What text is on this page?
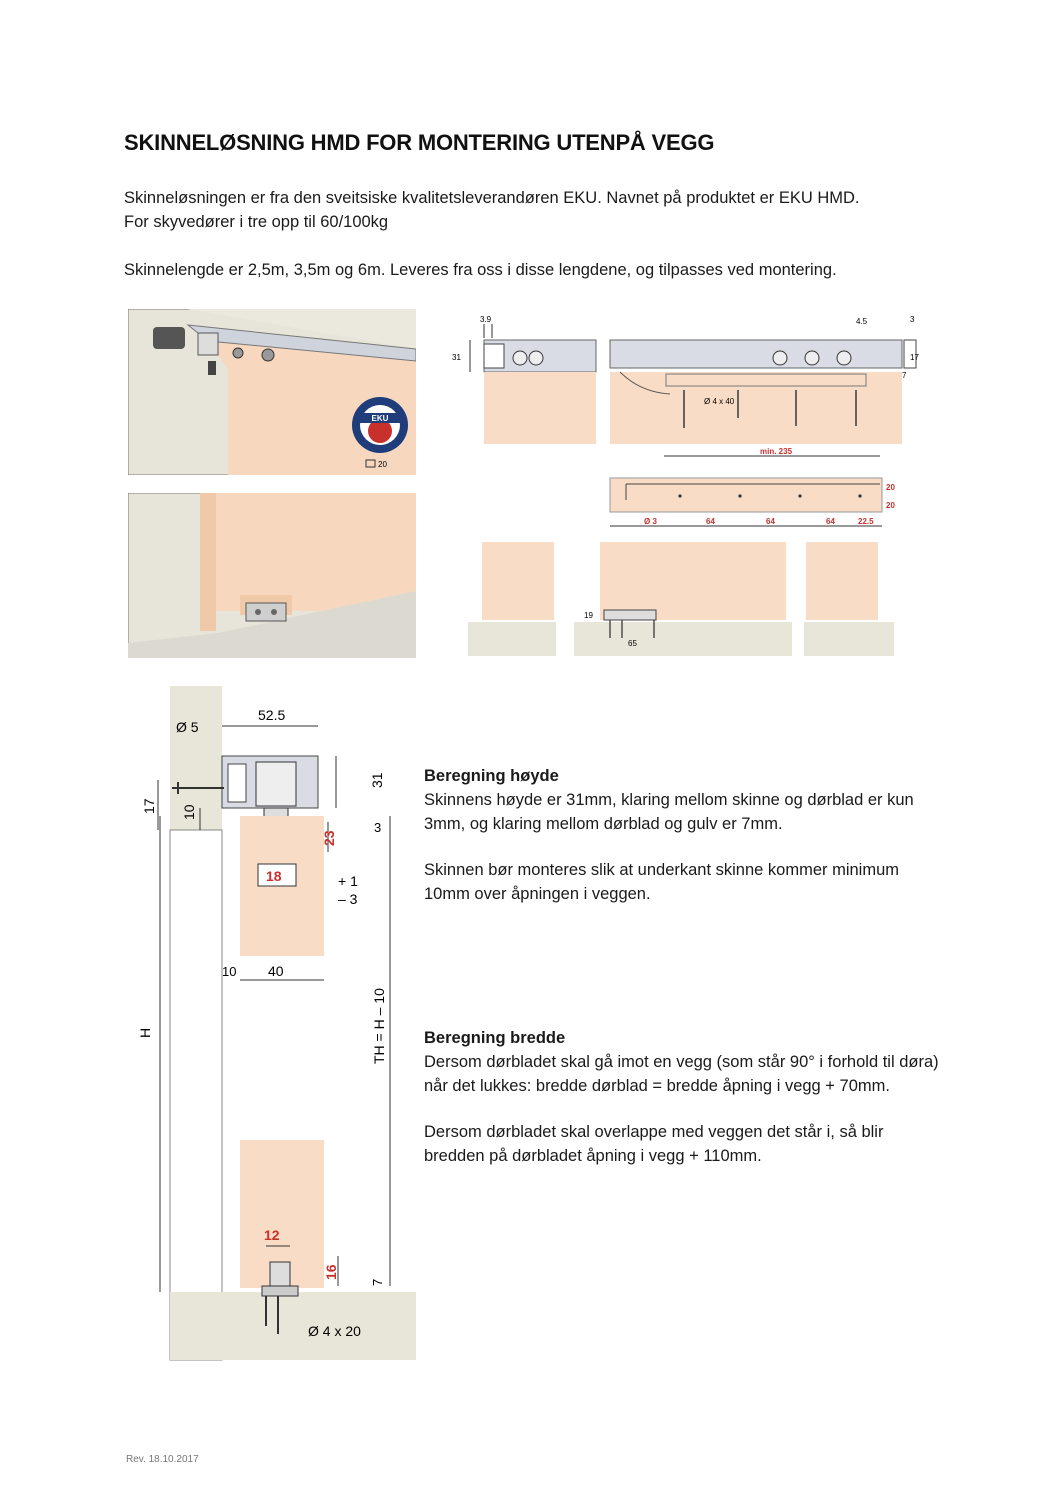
SKINNELØSNING HMD FOR MONTERING UTENPÅ VEGG
Skinneløsningen er fra den sveitsiske kvalitetsleverandøren EKU. Navnet på produktet er EKU HMD.
For skyvedører i tre opp til 60/100kg
Skinnelengde er 2,5m, 3,5m og 6m. Leveres fra oss i disse lengdene, og tilpasses ved montering.
EKU
20
3.9
31
Ø 4 x 40
4.5	3
17
7
min. 235
Ø 3	64	64	64	22.5
20
20
19
65
52.5
Ø 5
17 10
31
3
23
18	+ 1
– 3
10 40
H	TH = H – 10
12
16
7
Ø 4 x 20
Beregning høyde
Skinnens høyde er 31mm, klaring mellom skinne og dørblad er kun 3mm, og klaring mellom dørblad og gulv er 7mm.
Skinnen bør monteres slik at underkant skinne kommer minimum 10mm over åpningen i veggen.
Beregning bredde
Dersom dørbladet skal gå imot en vegg (som står 90° i forhold til døra) når det lukkes: bredde dørblad = bredde åpning i vegg + 70mm.
Dersom dørbladet skal overlappe med veggen det står i, så blir bredden på dørbladet åpning i vegg + 110mm.
Rev. 18.10.2017
